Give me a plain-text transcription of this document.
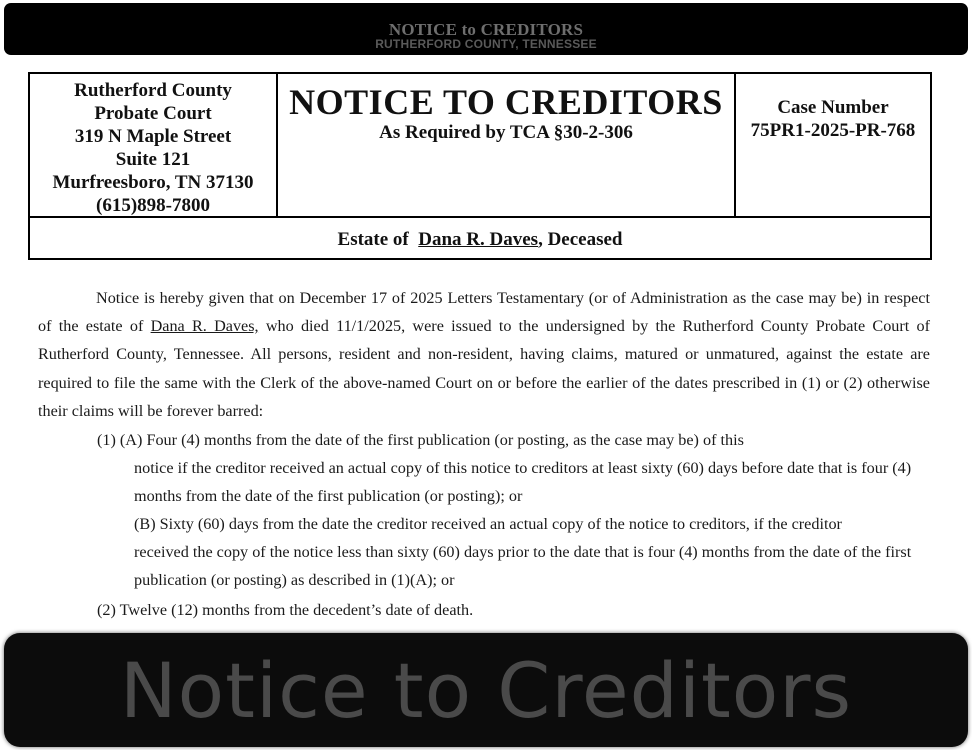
NOTICE to CREDITORS
RUTHERFORD COUNTY, TENNESSEE
Rutherford County
Probate Court
319 N Maple Street
Suite 121
Murfreesboro, TN 37130
(615)898-7800
NOTICE TO CREDITORS
As Required by TCA §30-2-306
Case Number
75PR1-2025-PR-768
Estate of Dana R. Daves, Deceased

Notice is hereby given that on December 17 of 2025 Letters Testamentary (or of Administration as the case may be) in respect of the estate of Dana R. Daves, who died 11/1/2025, were issued to the undersigned by the Rutherford County Probate Court of Rutherford County, Tennessee. All persons, resident and non-resident, having claims, matured or unmatured, against the estate are required to file the same with the Clerk of the above-named Court on or before the earlier of the dates prescribed in (1) or (2) otherwise their claims will be forever barred:

(1) (A) Four (4) months from the date of the first publication (or posting, as the case may be) of this
notice if the creditor received an actual copy of this notice to creditors at least sixty (60) days before date that is four (4)
months from the date of the first publication (or posting); or
(B) Sixty (60) days from the date the creditor received an actual copy of the notice to creditors, if the creditor
received the copy of the notice less than sixty (60) days prior to the date that is four (4) months from the date of the first
publication (or posting) as described in (1)(A); or
(2) Twelve (12) months from the decedent’s date of death.
Notice to Creditors
